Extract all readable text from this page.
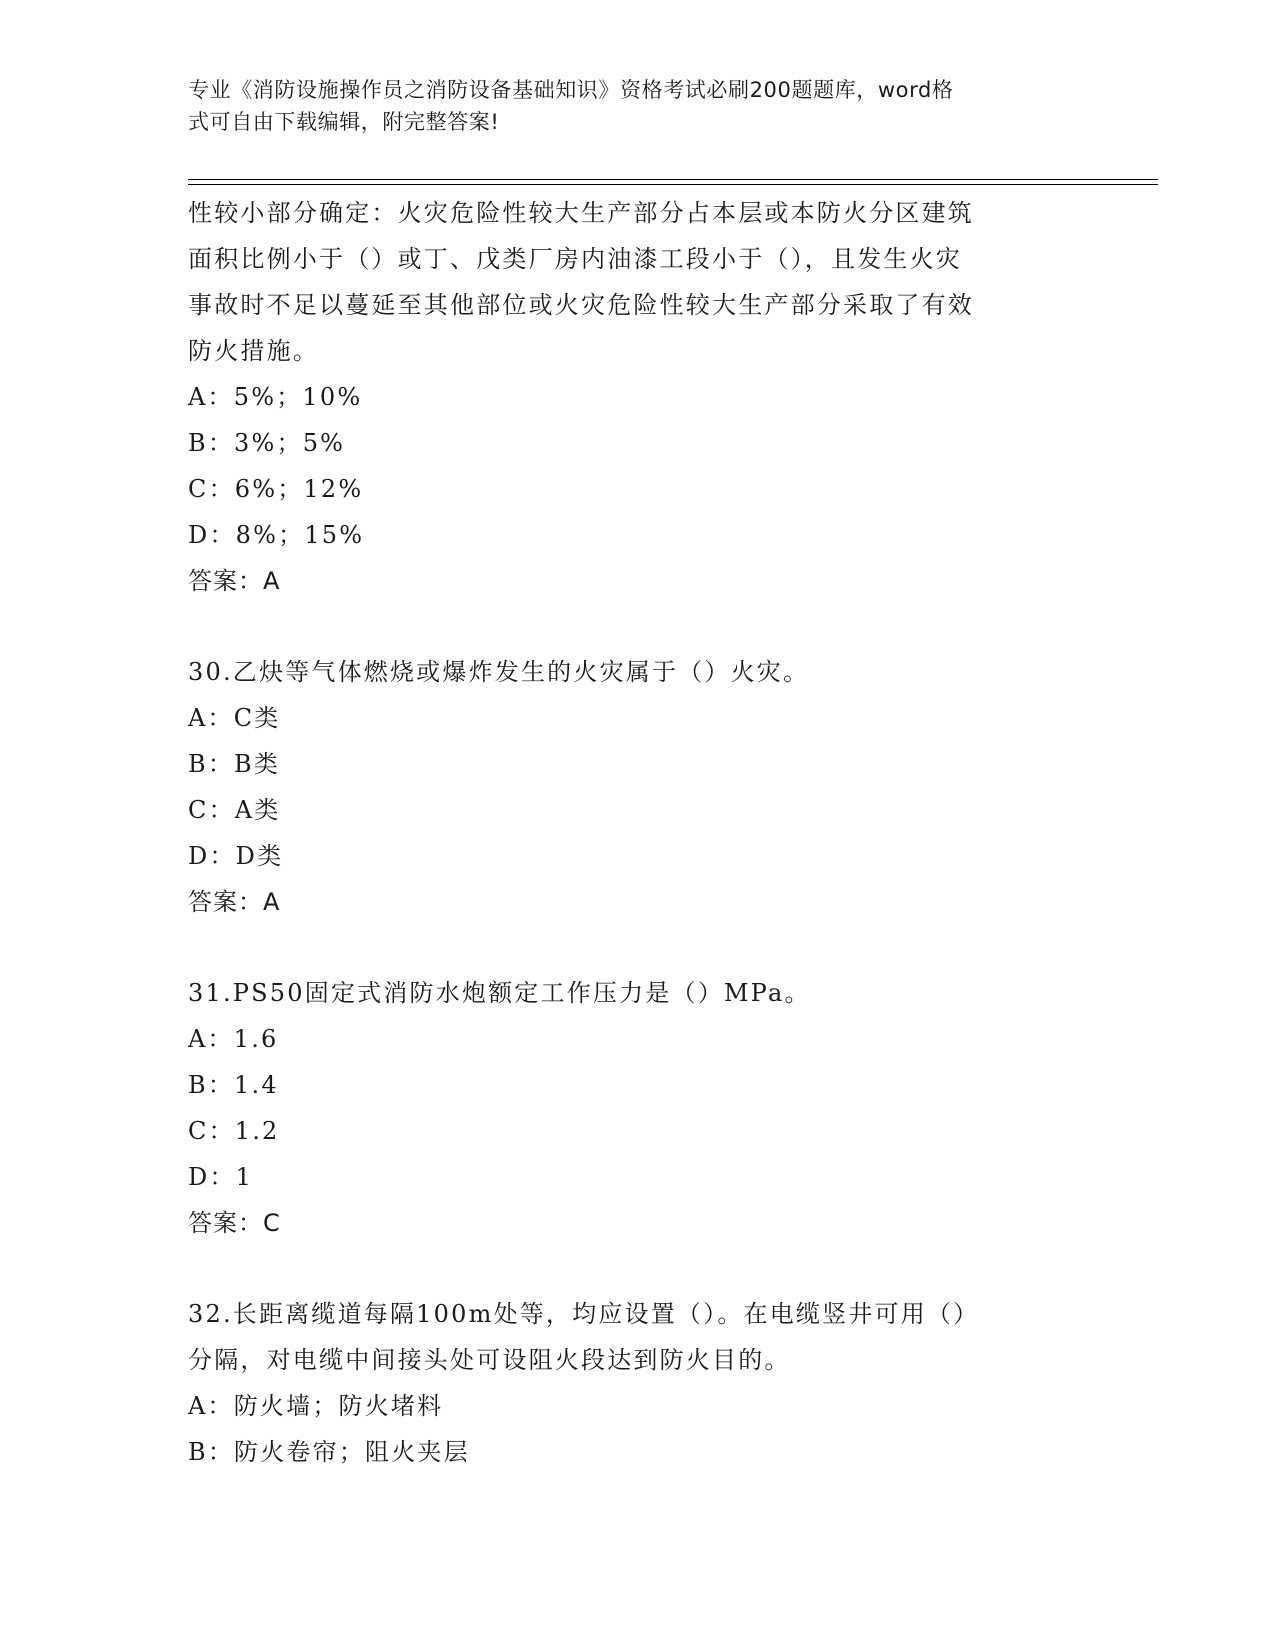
专业《消防设施操作员之消防设备基础知识》资格考试必刷200题题库，word格
式可自由下载编辑，附完整答案!
性较小部分确定：火灾危险性较大生产部分占本层或本防火分区建筑
面积比例小于（）或丁、戊类厂房内油漆工段小于（），且发生火灾
事故时不足以蔓延至其他部位或火灾危险性较大生产部分采取了有效
防火措施。
A：5%；10%
B：3%；5%
C：6%；12%
D：8%；15%
答案：A
30.乙炔等气体燃烧或爆炸发生的火灾属于（）火灾。
A：C类
B：B类
C：A类
D：D类
答案：A
31.PS50固定式消防水炮额定工作压力是（）MPa。
A：1.6
B：1.4
C：1.2
D：1
答案：C
32.长距离缆道每隔100m处等，均应设置（）。在电缆竖井可用（）
分隔，对电缆中间接头处可设阻火段达到防火目的。
A：防火墙；防火堵料
B：防火卷帘；阻火夹层
